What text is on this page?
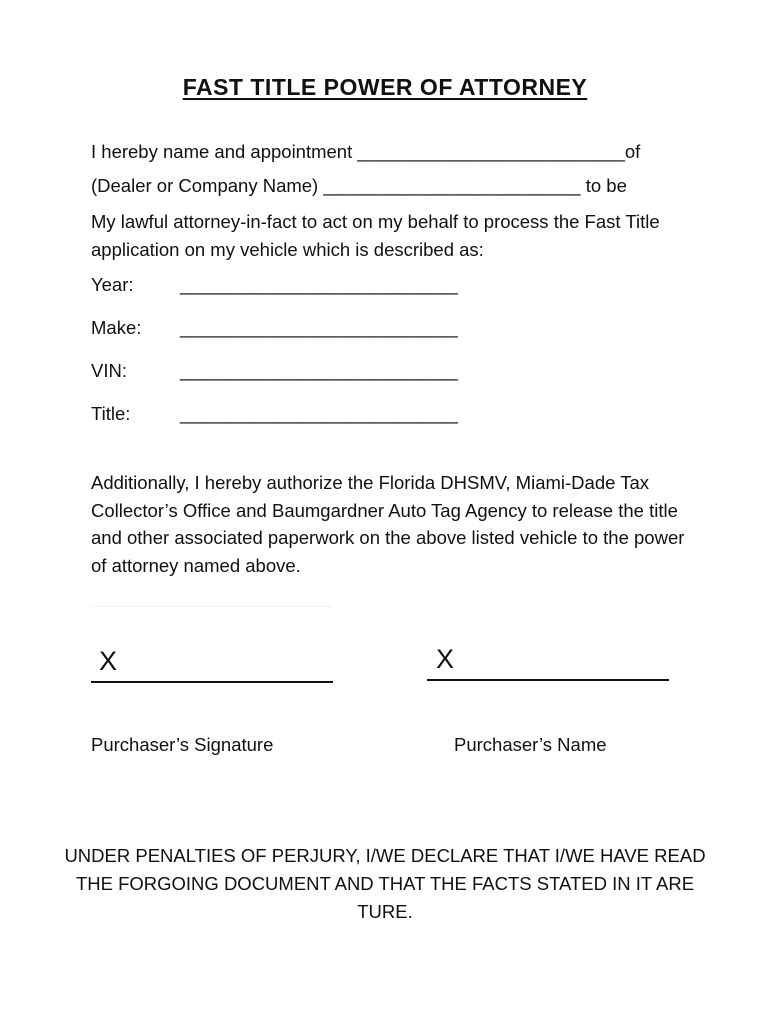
FAST TITLE POWER OF ATTORNEY
I hereby name and appointment __________________________of
(Dealer or Company Name) _________________________ to be
My lawful attorney-in-fact to act on my behalf to process the Fast Title application on my vehicle which is described as:
Year:	___________________________
Make: ___________________________
VIN:	___________________________
Title:	___________________________
Additionally, I hereby authorize the Florida DHSMV, Miami-Dade Tax Collector’s Office and Baumgardner Auto Tag Agency to release the title and other associated paperwork on the above listed vehicle to the power of attorney named above.
X
Purchaser’s Signature
X
Purchaser’s Name
UNDER PENALTIES OF PERJURY, I/WE DECLARE THAT I/WE HAVE READ THE FORGOING DOCUMENT AND THAT THE FACTS STATED IN IT ARE TURE.
